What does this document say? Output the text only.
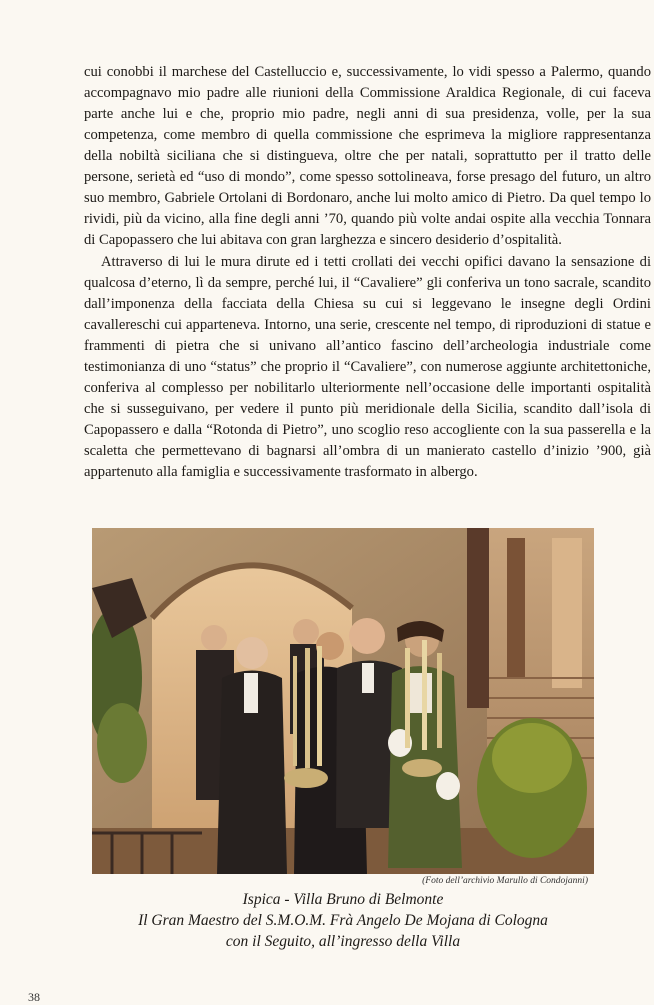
cui conobbi il marchese del Castelluccio e, successivamente, lo vidi spesso a Palermo, quando accompagnavo mio padre alle riunioni della Commissione Araldica Regionale, di cui faceva parte anche lui e che, proprio mio padre, negli anni di sua presidenza, volle, per la sua competenza, come membro di quella commissione che esprimeva la migliore rappresentanza della nobiltà siciliana che si distingueva, oltre che per natali, soprattutto per il tratto delle persone, serietà ed “uso di mondo”, come spesso sottolineava, forse presago del futuro, un altro suo membro, Gabriele Ortolani di Bordonaro, anche lui molto amico di Pietro. Da quel tempo lo rividi, più da vicino, alla fine degli anni ’70, quando più volte andai ospite alla vecchia Tonnara di Capopassero che lui abitava con gran larghezza e sincero desiderio d’ospitalità.

Attraverso di lui le mura dirute ed i tetti crollati dei vecchi opifici davano la sensazione di qualcosa d’eterno, lì da sempre, perché lui, il “Cavaliere” gli conferiva un tono sacrale, scandito dall’imponenza della facciata della Chiesa su cui si leggevano le insegne degli Ordini cavallereschi cui apparteneva. Intorno, una serie, crescente nel tempo, di riproduzioni di statue e frammenti di pietra che si univano all’antico fascino dell’archeologia industriale come testimonianza di uno “status” che proprio il “Cavaliere”, con numerose aggiunte architettoniche, conferiva al complesso per nobilitarlo ulteriormente nell’occasione delle importanti ospitalità che si susseguivano, per vedere il punto più meridionale della Sicilia, scandito dall’isola di Capopassero e dalla “Rotonda di Pietro”, uno scoglio reso accogliente con la sua passerella e la scaletta che permettevano di bagnarsi all’ombra di un manierato castello d’inizio ’900, già appartenuto alla famiglia e successivamente trasformato in albergo.

(Foto dell’archivio Marullo di Condojanni)
Ispica - Villa Bruno di Belmonte
Il Gran Maestro del S.M.O.M. Frà Angelo De Mojana di Cologna
con il Seguito, all’ingresso della Villa
38
